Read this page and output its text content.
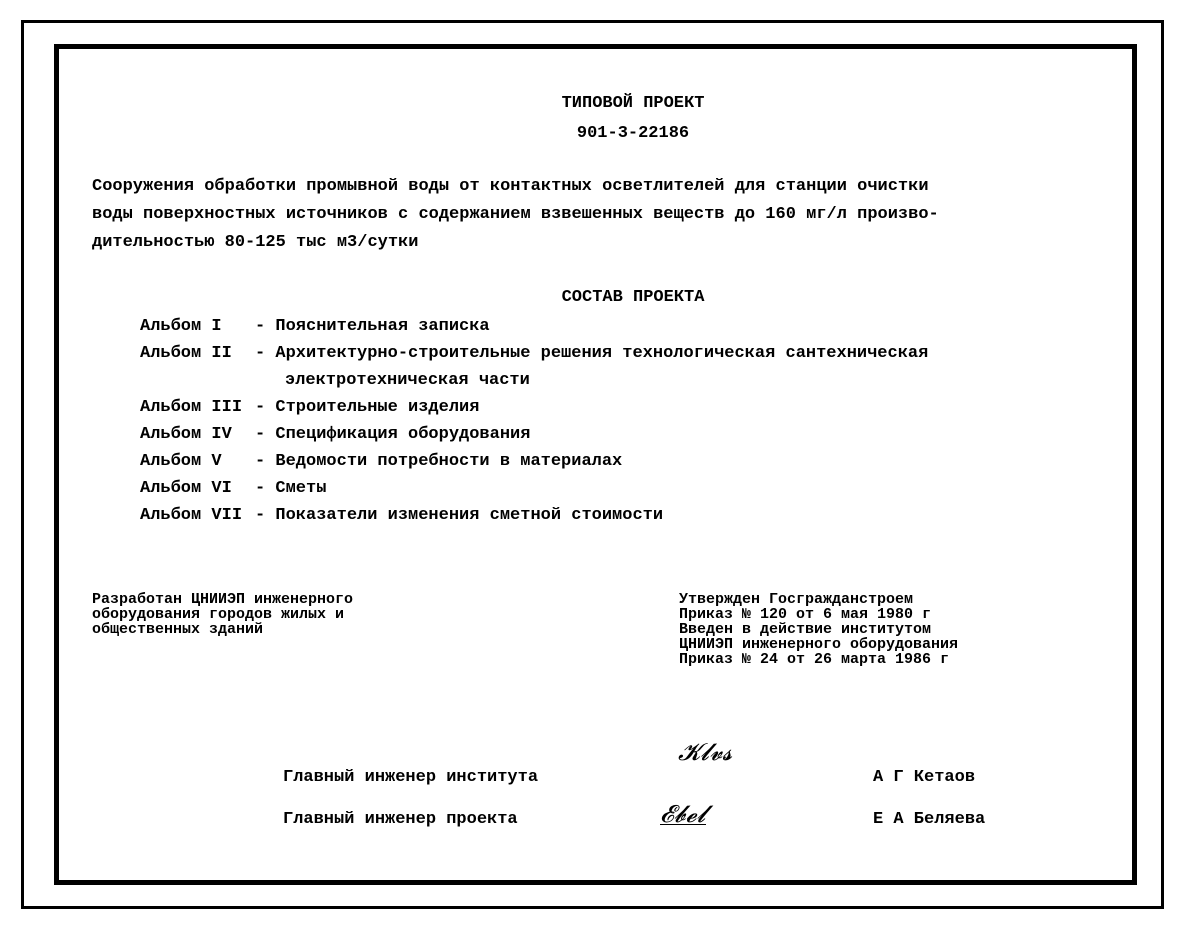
ТИПОВОЙ ПРОЕКТ
901-3-22186
Сооружения обработки промывной воды от контактных осветлителей для станции очистки
воды поверхностных источников с содержанием взвешенных веществ до 160 мг/л произво-
дительностью 80-125 тыс м3/сутки
СОСТАВ ПРОЕКТА
Альбом I - Пояснительная записка
Альбом II - Архитектурно-строительные решения технологическая сантехническая
электротехническая части
Альбом III - Строительные изделия
Альбом IV - Спецификация оборудования
Альбом V - Ведомости потребности в материалах
Альбом VI - Сметы
Альбом VII - Показатели изменения сметной стоимости
Разработан ЦНИИЭП инженерного
оборудования городов жилых и
общественных зданий
Утвержден Госгражданстроем
Приказ № 120 от 6 мая 1980 г
Введен в действие институтом
ЦНИИЭП инженерного оборудования
Приказ № 24 от 26 марта 1986 г
Главный инженер института
𝓚𝓵𝓿𝓼
А Г Кетаов
Главный инженер проекта	𝓔𝓫𝓮𝓵	Е А Беляева
